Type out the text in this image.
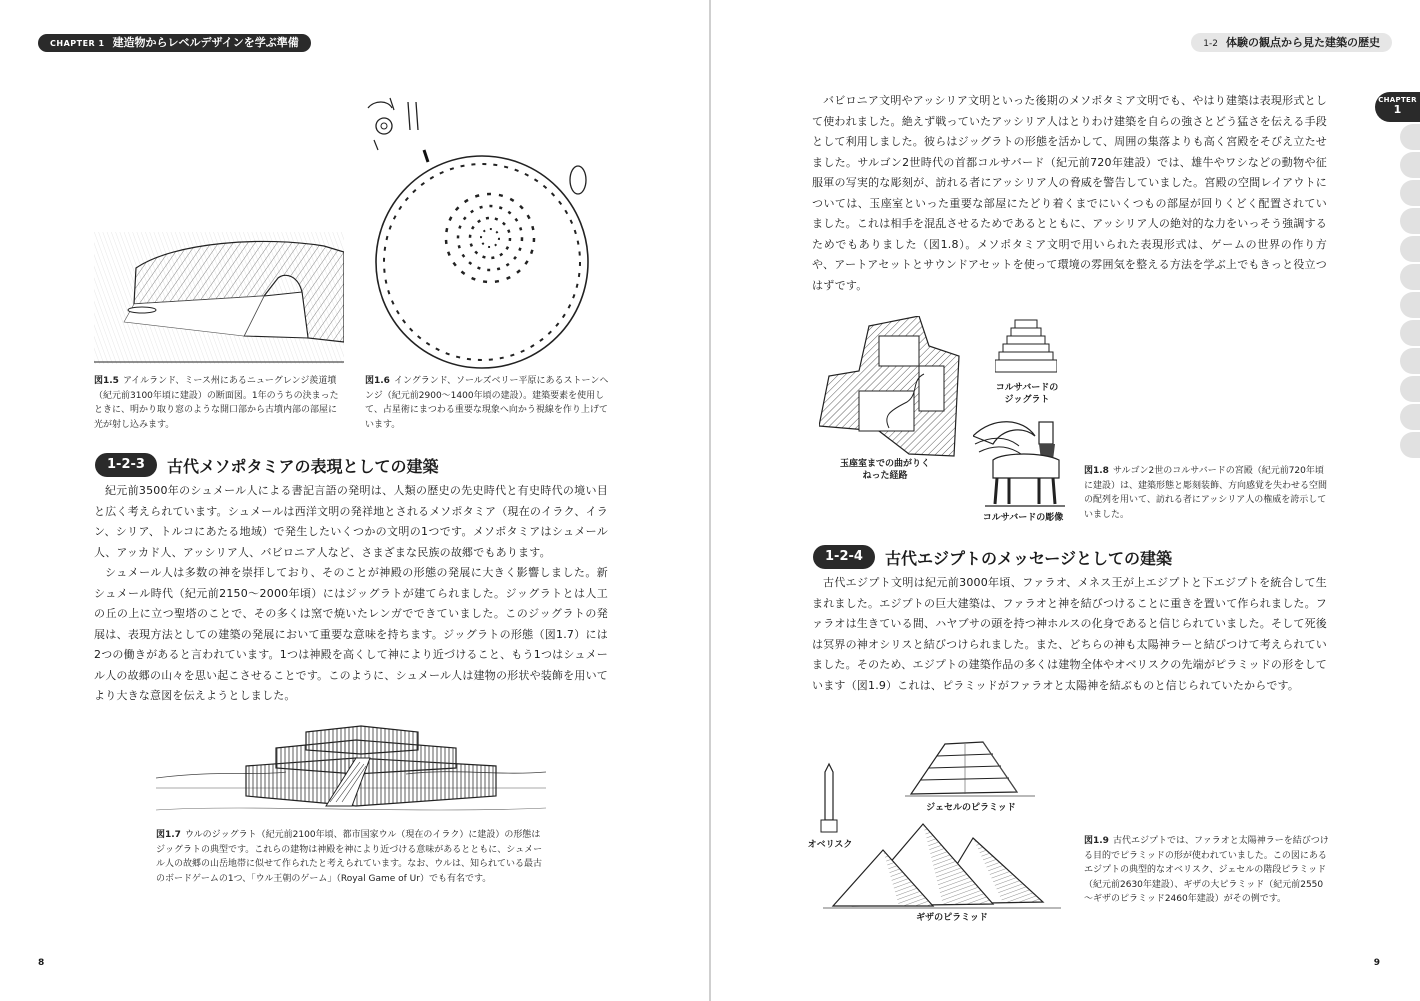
CHAPTER 1 建造物からレベルデザインを学ぶ準備
図1.5 アイルランド、ミース州にあるニューグレンジ羨道墳（紀元前3100年頃に建設）の断面図。1年のうちの決まったときに、明かり取り窓のような開口部から古墳内部の部屋に光が射し込みます。
図1.6 イングランド、ソールズベリー平原にあるストーンヘンジ（紀元前2900～1400年頃の建設）。建築要素を使用して、占星術にまつわる重要な現象へ向かう視線を作り上げています。
1-2-3	古代メソポタミアの表現としての建築

紀元前3500年のシュメール人による書記言語の発明は、人類の歴史の先史時代と有史時代の境い目と広く考えられています。シュメールは西洋文明の発祥地とされるメソポタミア（現在のイラク、イラン、シリア、トルコにあたる地域）で発生したいくつかの文明の1つです。メソポタミアはシュメール人、アッカド人、アッシリア人、バビロニア人など、さまざまな民族の故郷でもあります。

シュメール人は多数の神を崇拝しており、そのことが神殿の形態の発展に大きく影響しました。新シュメール時代（紀元前2150～2000年頃）にはジッグラトが建てられました。ジッグラトとは人工の丘の上に立つ聖塔のことで、その多くは窯で焼いたレンガでできていました。このジッグラトの発展は、表現方法としての建築の発展において重要な意味を持ちます。ジッグラトの形態（図1.7）には2つの働きがあると言われています。1つは神殿を高くして神により近づけること、もう1つはシュメール人の故郷の山々を思い起こさせることです。このように、シュメール人は建物の形状や装飾を用いてより大きな意図を伝えようとしました。

図1.7 ウルのジッグラト（紀元前2100年頃、都市国家ウル（現在のイラク）に建設）の形態はジッグラトの典型です。これらの建物は神殿を神により近づける意味があるとともに、シュメール人の故郷の山岳地帯に似せて作られたと考えられています。なお、ウルは、知られている最古のボードゲームの1つ、「ウル王朝のゲーム」（Royal Game of Ur）でも有名です。
8
1-2 体験の観点から見た建築の歴史
CHAPTER
1

バビロニア文明やアッシリア文明といった後期のメソポタミア文明でも、やはり建築は表現形式として使われました。絶えず戦っていたアッシリア人はとりわけ建築を自らの強さとどう猛さを伝える手段として利用しました。彼らはジッグラトの形態を活かして、周囲の集落よりも高く宮殿をそびえ立たせました。サルゴン2世時代の首都コルサバード（紀元前720年建設）では、雄牛やワシなどの動物や征服軍の写実的な彫刻が、訪れる者にアッシリア人の脅威を警告していました。宮殿の空間レイアウトについては、玉座室といった重要な部屋にたどり着くまでにいくつもの部屋が回りくどく配置されていました。これは相手を混乱させるためであるとともに、アッシリア人の絶対的な力をいっそう強調するためでもありました（図1.8）。メソポタミア文明で用いられた表現形式は、ゲームの世界の作り方や、アートアセットとサウンドアセットを使って環境の雰囲気を整える方法を学ぶ上でもきっと役立つはずです。

玉座室までの曲がりくねった経路
コルサバードのジッグラト
コルサバードの彫像
図1.8 サルゴン2世のコルサバードの宮殿（紀元前720年頃に建設）は、建築形態と彫刻装飾、方向感覚を失わせる空間の配列を用いて、訪れる者にアッシリア人の権威を誇示していました。
1-2-4	古代エジプトのメッセージとしての建築

古代エジプト文明は紀元前3000年頃、ファラオ、メネス王が上エジプトと下エジプトを統合して生まれました。エジプトの巨大建築は、ファラオと神を結びつけることに重きを置いて作られました。ファラオは生きている間、ハヤブサの頭を持つ神ホルスの化身であると信じられていました。そして死後は冥界の神オシリスと結びつけられました。また、どちらの神も太陽神ラーと結びつけて考えられていました。そのため、エジプトの建築作品の多くは建物全体やオベリスクの先端がピラミッドの形をしています（図1.9）これは、ピラミッドがファラオと太陽神を結ぶものと信じられていたからです。

ジェセルのピラミッド
オベリスク
ギザのピラミッド
図1.9 古代エジプトでは、ファラオと太陽神ラーを結びつける目的でピラミッドの形が使われていました。この図にあるエジプトの典型的なオベリスク、ジェセルの階段ピラミッド（紀元前2630年建設）、ギザの大ピラミッド（紀元前2550～ギザのピラミッド2460年建設）がその例です。
9
